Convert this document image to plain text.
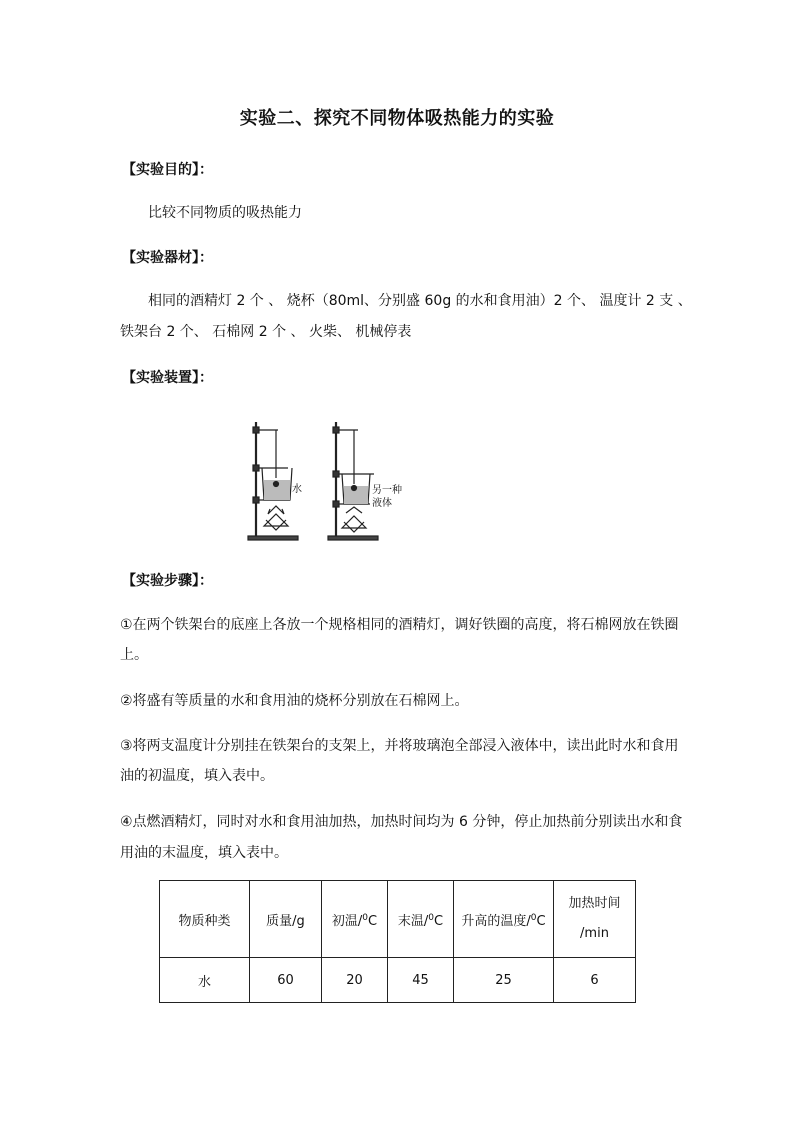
实验二、探究不同物体吸热能力的实验
【实验目的】：
比较不同物质的吸热能力
【实验器材】：
相同的酒精灯 2 个 、 烧杯（80ml、分别盛 60g 的水和食用油）2 个、 温度计 2 支 、
铁架台 2 个、 石棉网 2 个 、 火柴、 机械停表
【实验装置】：
水	另一种
液体
【实验步骤】：
①在两个铁架台的底座上各放一个规格相同的酒精灯，调好铁圈的高度，将石棉网放在铁圈
上。
②将盛有等质量的水和食用油的烧杯分别放在石棉网上。
③将两支温度计分别挂在铁架台的支架上，并将玻璃泡全部浸入液体中，读出此时水和食用
油的初温度，填入表中。
④点燃酒精灯，同时对水和食用油加热，加热时间均为 6 分钟，停止加热前分别读出水和食
用油的末温度，填入表中。
物质种类	质量/g	初温/$^0$C	末温/$^0$C	升高的温度/$^0$C	加热时间
/min

水	60	20	45	25	6
